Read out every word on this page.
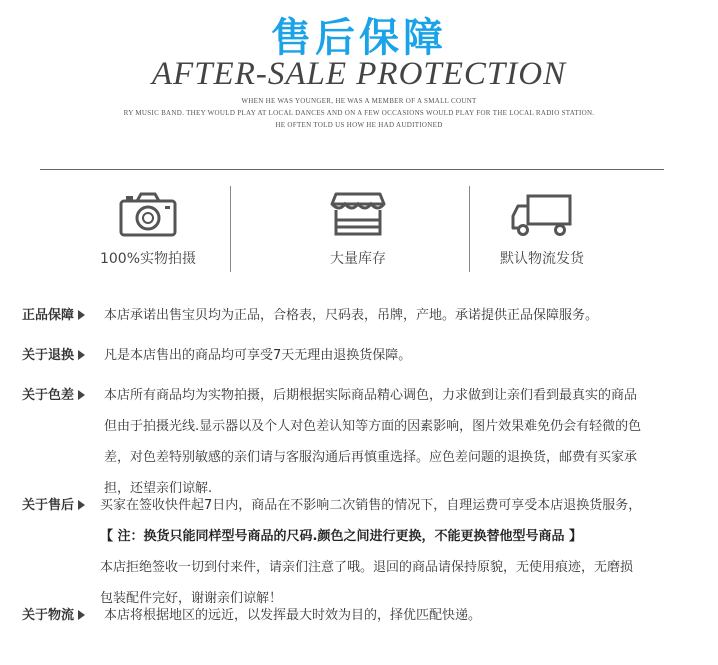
售后保障
AFTER-SALE PROTECTION
WHEN HE WAS YOUNGER, HE WAS A MEMBER OF A SMALL COUNT
RY MUSIC BAND. THEY WOULD PLAY AT LOCAL DANCES AND ON A FEW OCCASIONS WOULD PLAY FOR THE LOCAL RADIO STATION.
HE OFTEN TOLD US HOW HE HAD AUDITIONED
100%实物拍摄	大量库存	默认物流发货
正品保障	本店承诺出售宝贝均为正品，合格表，尺码表，吊牌，产地。承诺提供正品保障服务。

关于退换	凡是本店售出的商品均可享受7天无理由退换货保障。

关于色差	本店所有商品均为实物拍摄，后期根据实际商品精心调色，力求做到让亲们看到最真实的商品

但由于拍摄光线.显示器以及个人对色差认知等方面的因素影响，图片效果难免仍会有轻微的色

差，对色差特别敏感的亲们请与客服沟通后再慎重选择。应色差问题的退换货，邮费有买家承

担，还望亲们谅解.

关于售后	买家在签收快件起7日内，商品在不影响二次销售的情况下，自理运费可享受本店退换货服务，

【 注：换货只能同样型号商品的尺码.颜色之间进行更换，不能更换替他型号商品 】

本店拒绝签收一切到付来件，请亲们注意了哦。退回的商品请保持原貌，无使用痕迹，无磨损

包装配件完好，谢谢亲们谅解！

关于物流	本店将根据地区的远近，以发挥最大时效为目的，择优匹配快递。
